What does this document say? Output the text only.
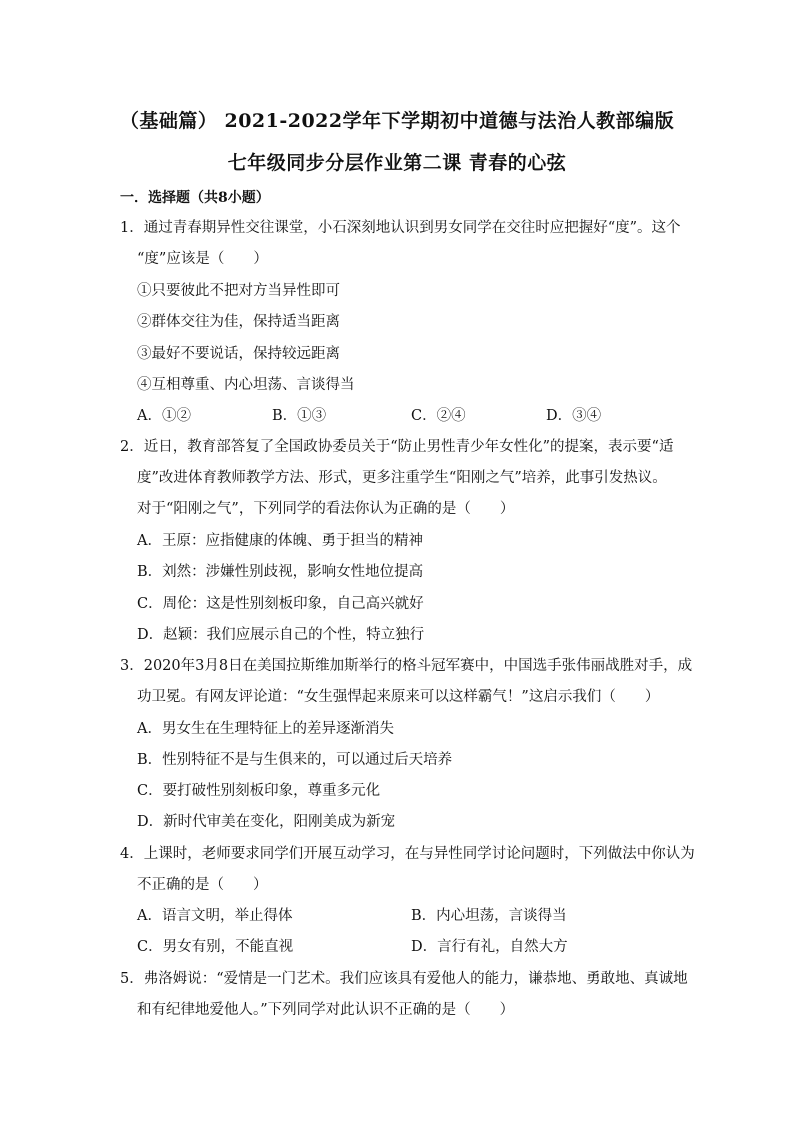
（基础篇） 2021-2022学年下学期初中道德与法治人教部编版
七年级同步分层作业第二课 青春的心弦
一．选择题（共8小题）
1．通过青春期异性交往课堂，小石深刻地认识到男女同学在交往时应把握好“度”。这个
“度”应该是（　　）
①只要彼此不把对方当异性即可
②群体交往为佳，保持适当距离
③最好不要说话，保持较远距离
④互相尊重、内心坦荡、言谈得当
A．①②	B．①③	C．②④	D．③④
2．近日，教育部答复了全国政协委员关于“防止男性青少年女性化”的提案，表示要“适
度”改进体育教师教学方法、形式，更多注重学生“阳刚之气”培养，此事引发热议。
对于“阳刚之气”，下列同学的看法你认为正确的是（　　）
A．王原：应指健康的体魄、勇于担当的精神
B．刘然：涉嫌性别歧视，影响女性地位提高
C．周伦：这是性别刻板印象，自己高兴就好
D．赵颖：我们应展示自己的个性，特立独行
3．2020年3月8日在美国拉斯维加斯举行的格斗冠军赛中，中国选手张伟丽战胜对手，成
功卫冕。有网友评论道：“女生强悍起来原来可以这样霸气！”这启示我们（　　）
A．男女生在生理特征上的差异逐渐消失
B．性别特征不是与生俱来的，可以通过后天培养
C．要打破性别刻板印象，尊重多元化
D．新时代审美在变化，阳刚美成为新宠
4．上课时，老师要求同学们开展互动学习，在与异性同学讨论问题时，下列做法中你认为
不正确的是（　　）
A．语言文明，举止得体	B．内心坦荡，言谈得当
C．男女有别，不能直视	D．言行有礼，自然大方
5．弗洛姆说：“爱情是一门艺术。我们应该具有爱他人的能力，谦恭地、勇敢地、真诚地
和有纪律地爱他人。”下列同学对此认识不正确的是（　　）
